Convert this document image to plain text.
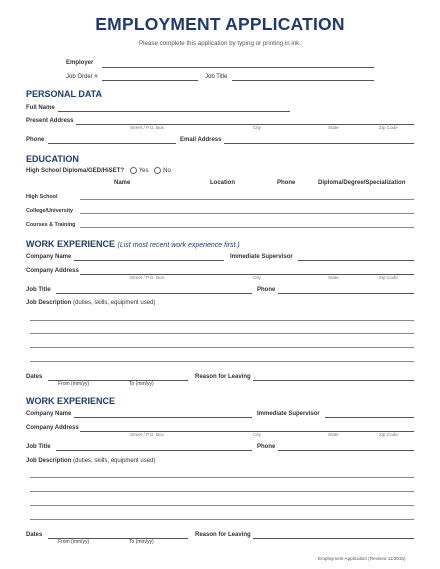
EMPLOYMENT APPLICATION
Please complete this application by typing or printing in ink.
Employer
Job Order #	Job Title
PERSONAL DATA
Full Name
Present Address
Street / P.O. Box	City	State	Zip Code
Phone	Email Address
EDUCATION
High School Diploma/GED/HiSET? Yes No
Name	Location	Phone	Diploma/Degree/Specialization
High School
College/University
Courses & Training
WORK EXPERIENCE (List most recent work experience first.)
Company Name	Immediate Supervisor
Company Address
Street / P.O. Box	City	State	Zip Code
Job Title	Phone
Job Description (duties, skills, equipment used)
Dates
From (mm/yy)	To (mm/yy)
Reason for Leaving
WORK EXPERIENCE
Company Name	Immediate Supervisor
Company Address
Street / P.O. Box	City	State	Zip Code
Job Title	Phone
Job Description (duties, skills, equipment used)
Dates
From (mm/yy)	To (mm/yy)
Reason for Leaving
Employment Application (Revised 11/2016)
